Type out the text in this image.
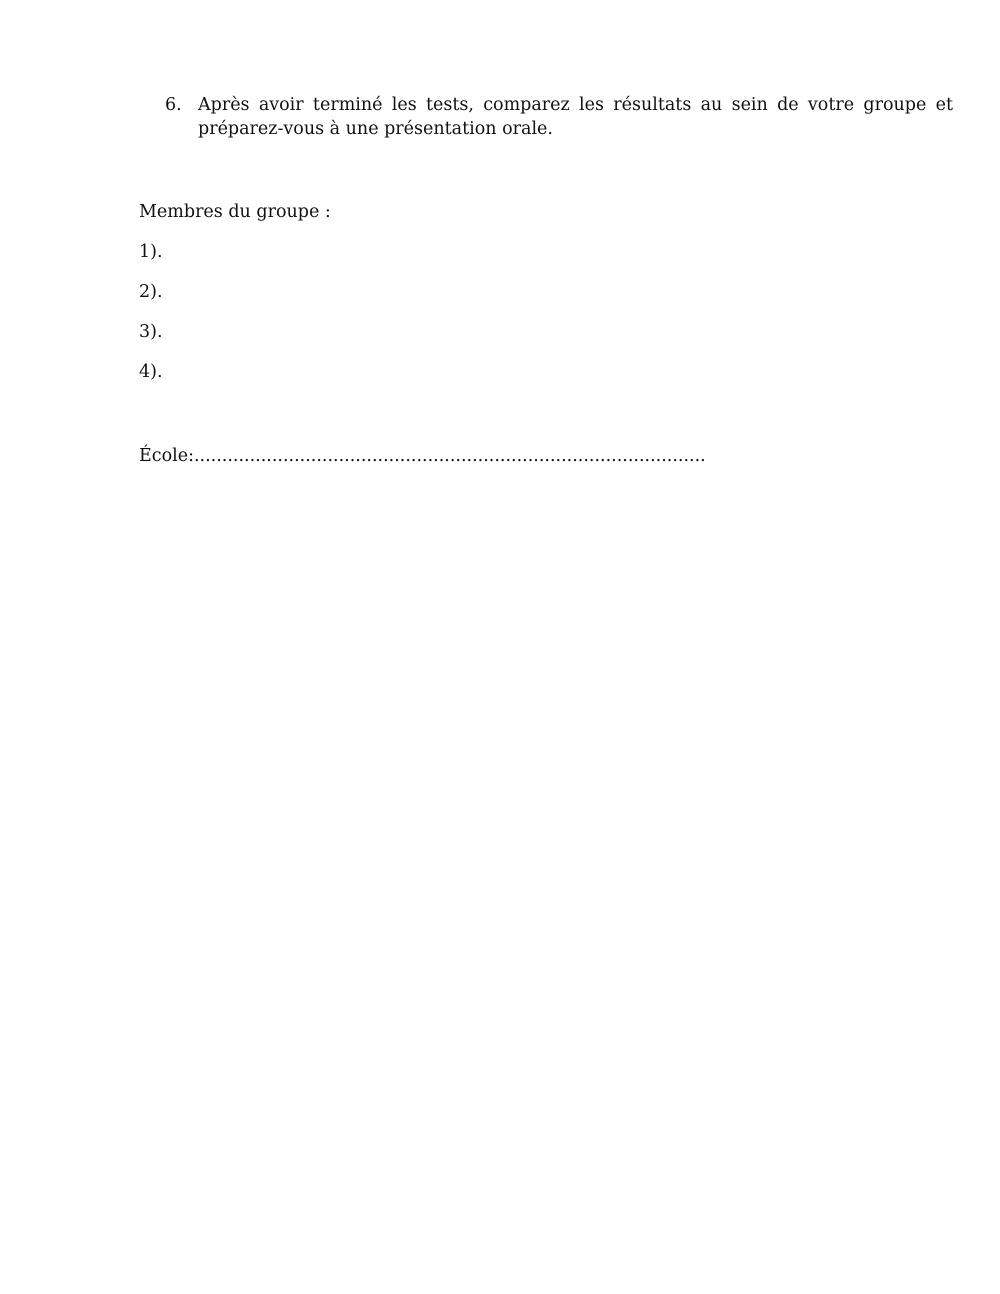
6. Après avoir terminé les tests, comparez les résultats au sein de votre groupe et préparez-vous à une présentation orale.
Membres du groupe :
1).
2).
3).
4).
École:............................................................................................
